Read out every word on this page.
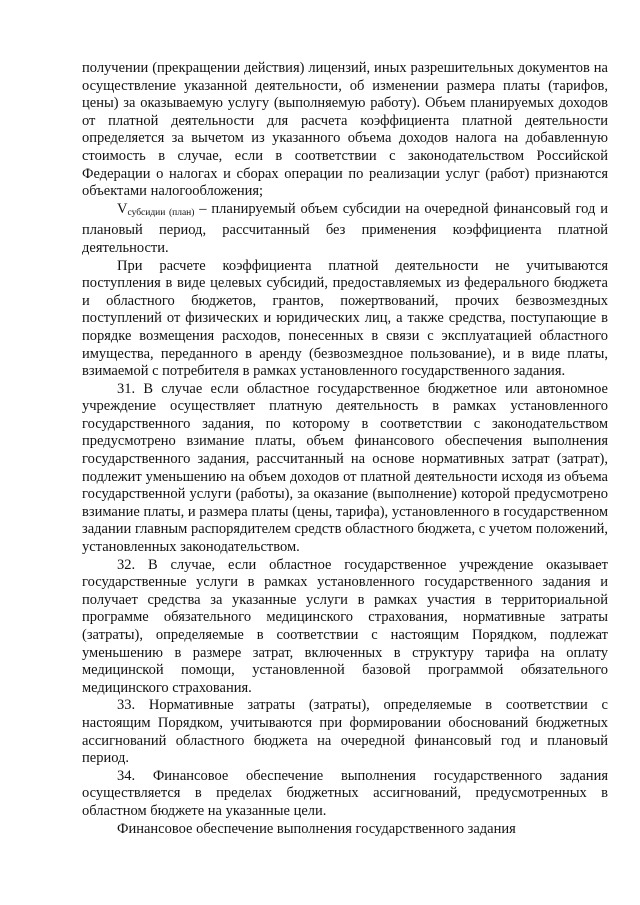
получении (прекращении действия) лицензий, иных разрешительных документов на осуществление указанной деятельности, об изменении размера платы (тарифов, цены) за оказываемую услугу (выполняемую работу). Объем планируемых доходов от платной деятельности для расчета коэффициента платной деятельности определяется за вычетом из указанного объема доходов налога на добавленную стоимость в случае, если в соответствии с законодательством Российской Федерации о налогах и сборах операции по реализации услуг (работ) признаются объектами налогообложения;

$V_{субсидии (план)}$ – планируемый объем субсидии на очередной финансовый год и плановый период, рассчитанный без применения коэффициента платной деятельности.

При расчете коэффициента платной деятельности не учитываются поступления в виде целевых субсидий, предоставляемых из федерального бюджета и областного бюджетов, грантов, пожертвований, прочих безвозмездных поступлений от физических и юридических лиц, а также средства, поступающие в порядке возмещения расходов, понесенных в связи с эксплуатацией областного имущества, переданного в аренду (безвозмездное пользование), и в виде платы, взимаемой с потребителя в рамках установленного государственного задания.

31. В случае если областное государственное бюджетное или автономное учреждение осуществляет платную деятельность в рамках установленного государственного задания, по которому в соответствии с законодательством предусмотрено взимание платы, объем финансового обеспечения выполнения государственного задания, рассчитанный на основе нормативных затрат (затрат), подлежит уменьшению на объем доходов от платной деятельности исходя из объема государственной услуги (работы), за оказание (выполнение) которой предусмотрено взимание платы, и размера платы (цены, тарифа), установленного в государственном задании главным распорядителем средств областного бюджета, с учетом положений, установленных законодательством.

32. В случае, если областное государственное учреждение оказывает государственные услуги в рамках установленного государственного задания и получает средства за указанные услуги в рамках участия в территориальной программе обязательного медицинского страхования, нормативные затраты (затраты), определяемые в соответствии с настоящим Порядком, подлежат уменьшению в размере затрат, включенных в структуру тарифа на оплату медицинской помощи, установленной базовой программой обязательного медицинского страхования.

33. Нормативные затраты (затраты), определяемые в соответствии с настоящим Порядком, учитываются при формировании обоснований бюджетных ассигнований областного бюджета на очередной финансовый год и плановый период.

34. Финансовое обеспечение выполнения государственного задания осуществляется в пределах бюджетных ассигнований, предусмотренных в областном бюджете на указанные цели.

Финансовое обеспечение выполнения государственного задания
